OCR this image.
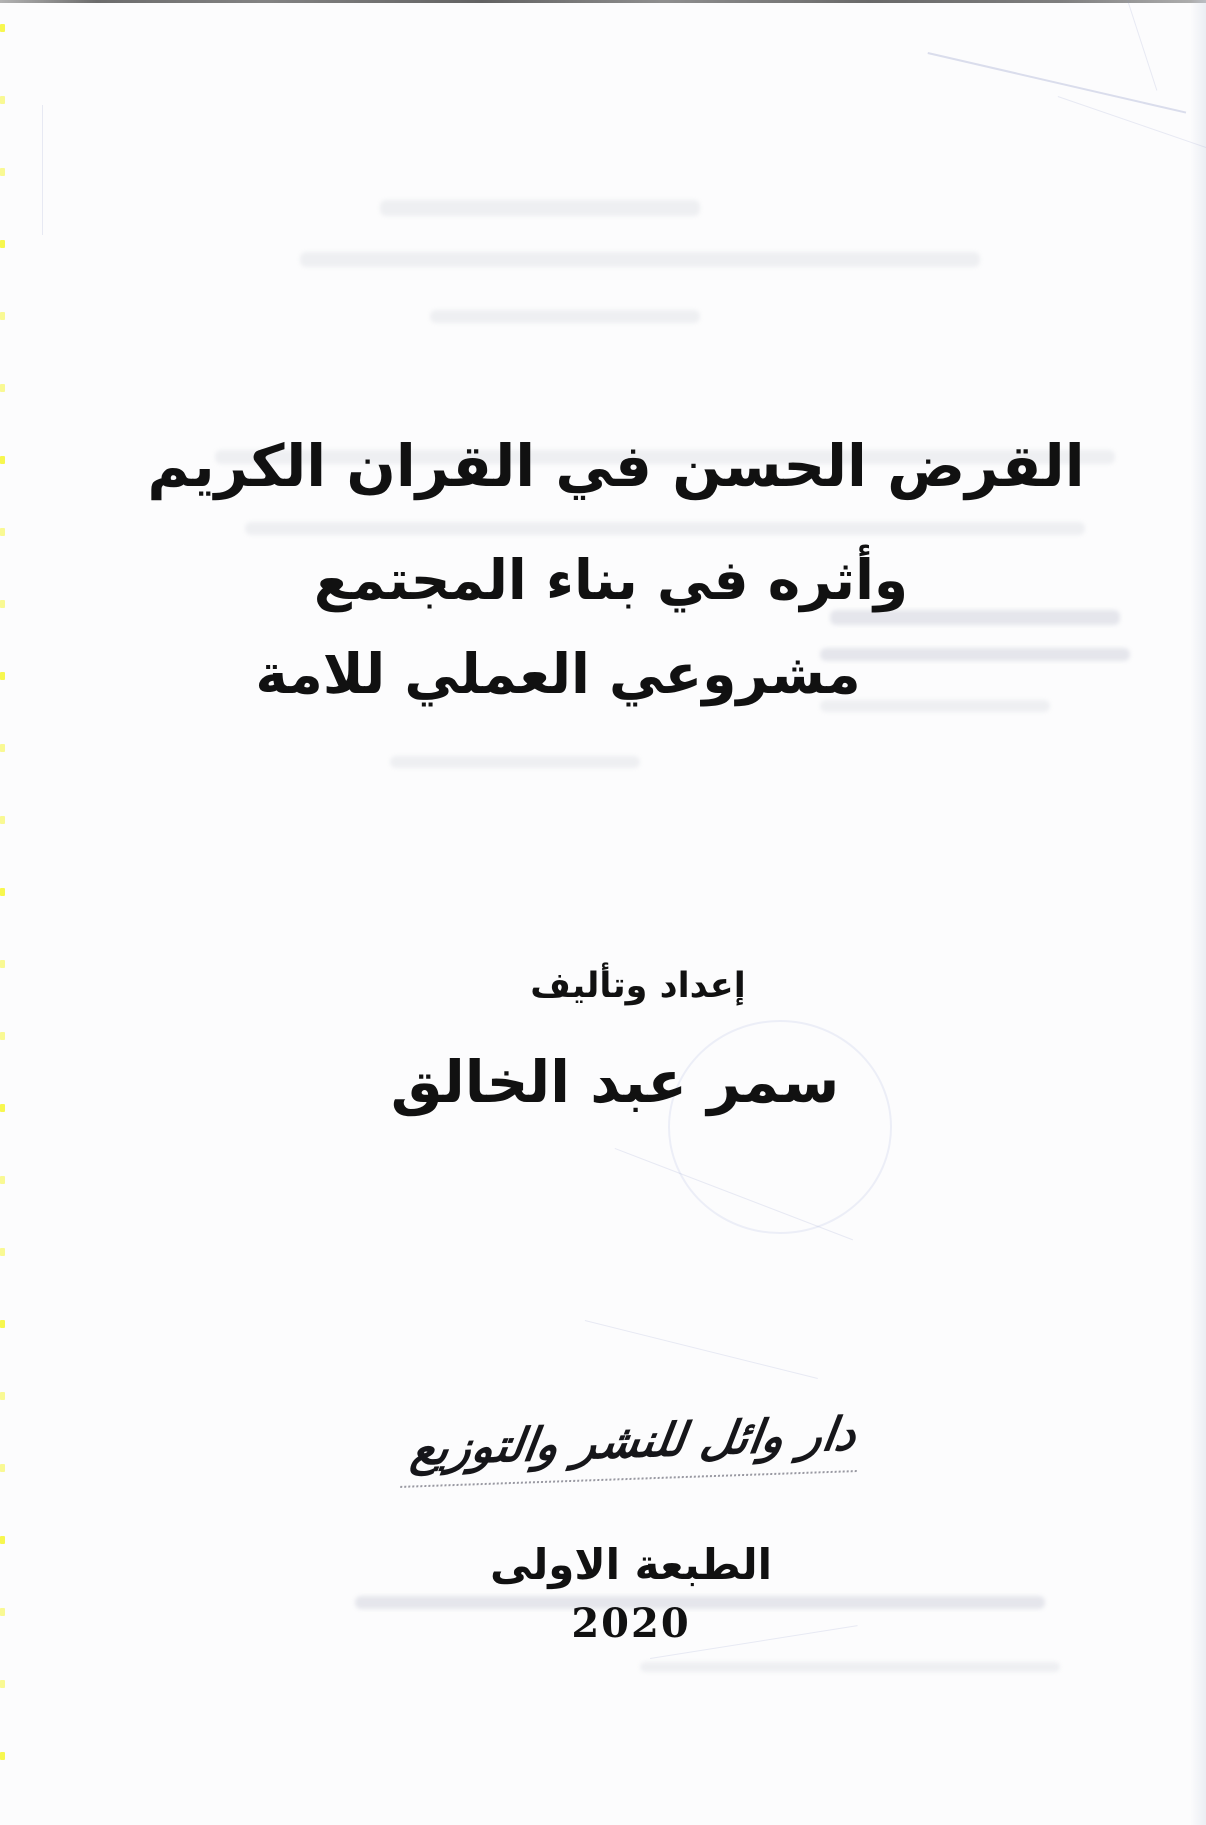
القرض الحسن في القران الكريم
وأثره في بناء المجتمع
مشروعي العملي للامة
إعداد وتأليف
سمر عبد الخالق
دار وائل للنشر والتوزيع
الطبعة الاولى
2020
